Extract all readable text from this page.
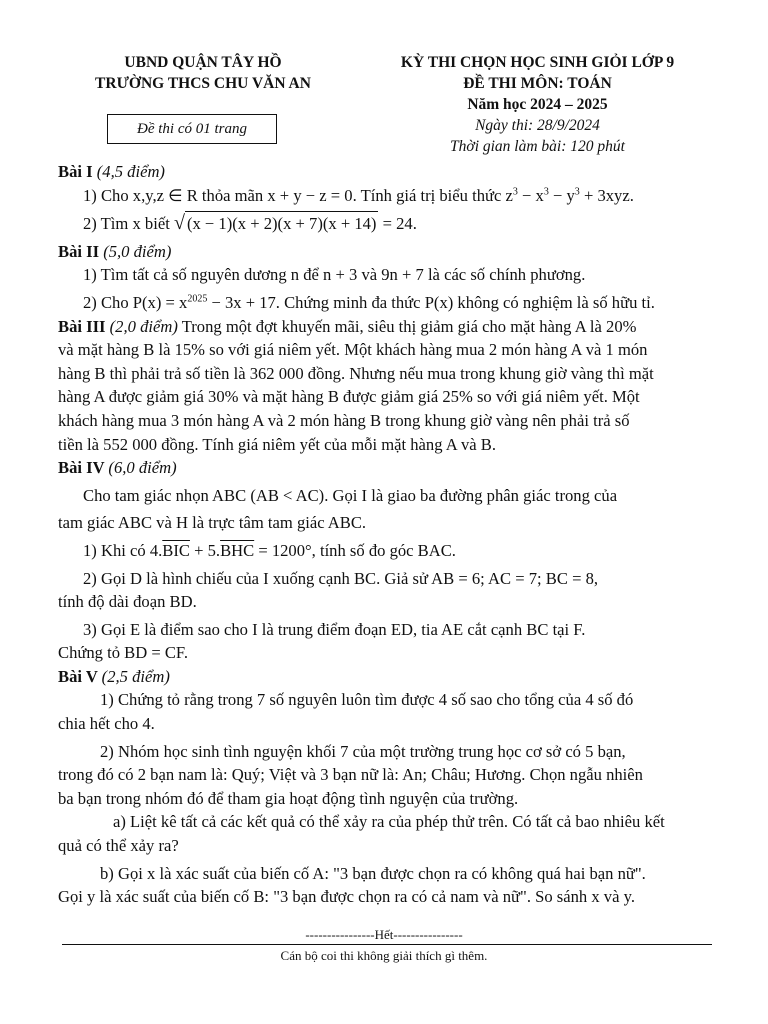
UBND QUẬN TÂY HỒ
TRƯỜNG THCS CHU VĂN AN
Đề thi có 01 trang
KỲ THI CHỌN HỌC SINH GIỎI LỚP 9
ĐỀ THI MÔN: TOÁN
Năm học 2024 – 2025
Ngày thi: 28/9/2024
Thời gian làm bài: 120 phút
Bài I (4,5 điểm)
1) Cho x,y,z ∈ R thỏa mãn x + y − z = 0. Tính giá trị biểu thức $z^3 - x^3 - y^3 + 3xyz$.
2) Tìm x biết √ (x − 1)(x + 2)(x + 7)(x + 14) = 24.
Bài II (5,0 điểm)
1) Tìm tất cả số nguyên dương n để n + 3 và 9n + 7 là các số chính phương.
2) Cho $P(x) = x^{2025} - 3x + 17$. Chứng minh đa thức P(x) không có nghiệm là số hữu tỉ.
Bài III (2,0 điểm) Trong một đợt khuyến mãi, siêu thị giảm giá cho mặt hàng A là 20%
và mặt hàng B là 15% so với giá niêm yết. Một khách hàng mua 2 món hàng A và 1 món
hàng B thì phải trả số tiền là 362 000 đồng. Nhưng nếu mua trong khung giờ vàng thì mặt
hàng A được giảm giá 30% và mặt hàng B được giảm giá 25% so với giá niêm yết. Một
khách hàng mua 3 món hàng A và 2 món hàng B trong khung giờ vàng nên phải trả số
tiền là 552 000 đồng. Tính giá niêm yết của mỗi mặt hàng A và B.
Bài IV (6,0 điểm)
Cho tam giác nhọn ABC (AB < AC). Gọi I là giao ba đường phân giác trong của
tam giác ABC và H là trực tâm tam giác ABC.
1) Khi có $4.\overline{BIC} + 5.\overline{BHC} = 1200^\circ$, tính số đo góc BAC.
2) Gọi D là hình chiếu của I xuống cạnh BC. Giả sử AB = 6; AC = 7; BC = 8,
tính độ dài đoạn BD.
3) Gọi E là điểm sao cho I là trung điểm đoạn ED, tia AE cắt cạnh BC tại F.
Chứng tỏ BD = CF.
Bài V (2,5 điểm)
1) Chứng tỏ rằng trong 7 số nguyên luôn tìm được 4 số sao cho tổng của 4 số đó
chia hết cho 4.
2) Nhóm học sinh tình nguyện khối 7 của một trường trung học cơ sở có 5 bạn,
trong đó có 2 bạn nam là: Quý; Việt và 3 bạn nữ là: An; Châu; Hương. Chọn ngẫu nhiên
ba bạn trong nhóm đó để tham gia hoạt động tình nguyện của trường.
a) Liệt kê tất cả các kết quả có thể xảy ra của phép thử trên. Có tất cả bao nhiêu kết
quả có thể xảy ra?
b) Gọi x là xác suất của biến cố A: "3 bạn được chọn ra có không quá hai bạn nữ".
Gọi y là xác suất của biến cố B: "3 bạn được chọn ra có cả nam và nữ". So sánh x và y.
----------------Hết----------------
Cán bộ coi thi không giải thích gì thêm.
